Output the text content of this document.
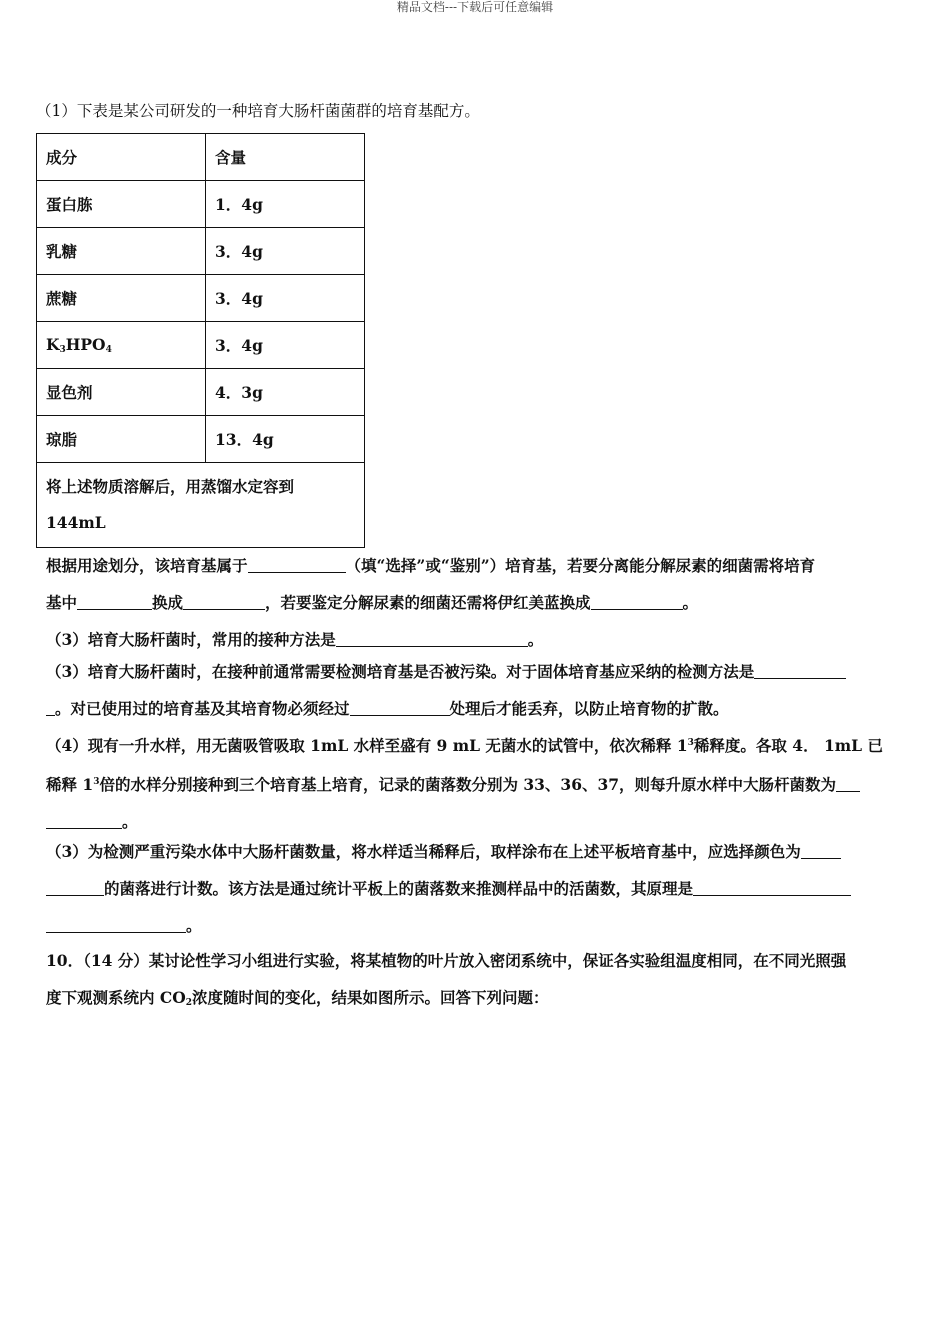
精品文档---下载后可任意编辑
（1）下表是某公司研发的一种培育大肠杆菌菌群的培育基配方。
成分	含量
蛋白胨	1．4g
乳糖	3．4g
蔗糖	3．4g
$K_3HPO_4$	3．4g
显色剂	4．3g
琼脂	13．4g
将上述物质溶解后，用蒸馏水定容到
144mL	
根据用途划分，该培育基属于	（填“选择”或“鉴别”）培育基，若要分离能分解尿素的细菌需将培育
基中	换成	，若要鉴定分解尿素的细菌还需将伊红美蓝换成	。
（3）培育大肠杆菌时，常用的接种方法是	。
（3）培育大肠杆菌时，在接种前通常需要检测培育基是否被污染。对于固体培育基应采纳的检测方法是
。对已使用过的培育基及其培育物必须经过	处理后才能丢弃，以防止培育物的扩散。
（4）现有一升水样，用无菌吸管吸取 1mL 水样至盛有 9 mL 无菌水的试管中，依次稀释 $1^3$稀释度。各取 4． 1mL 已
稀释 $1^3$倍的水样分别接种到三个培育基上培育，记录的菌落数分别为 33、36、37，则每升原水样中大肠杆菌数为
。
（3）为检测严重污染水体中大肠杆菌数量，将水样适当稀释后，取样涂布在上述平板培育基中，应选择颜色为
的菌落进行计数。该方法是通过统计平板上的菌落数来推测样品中的活菌数，其原理是
。
10．（14 分）某讨论性学习小组进行实验，将某植物的叶片放入密闭系统中，保证各实验组温度相同，在不同光照强
度下观测系统内 $CO_2$浓度随时间的变化，结果如图所示。回答下列问题：
